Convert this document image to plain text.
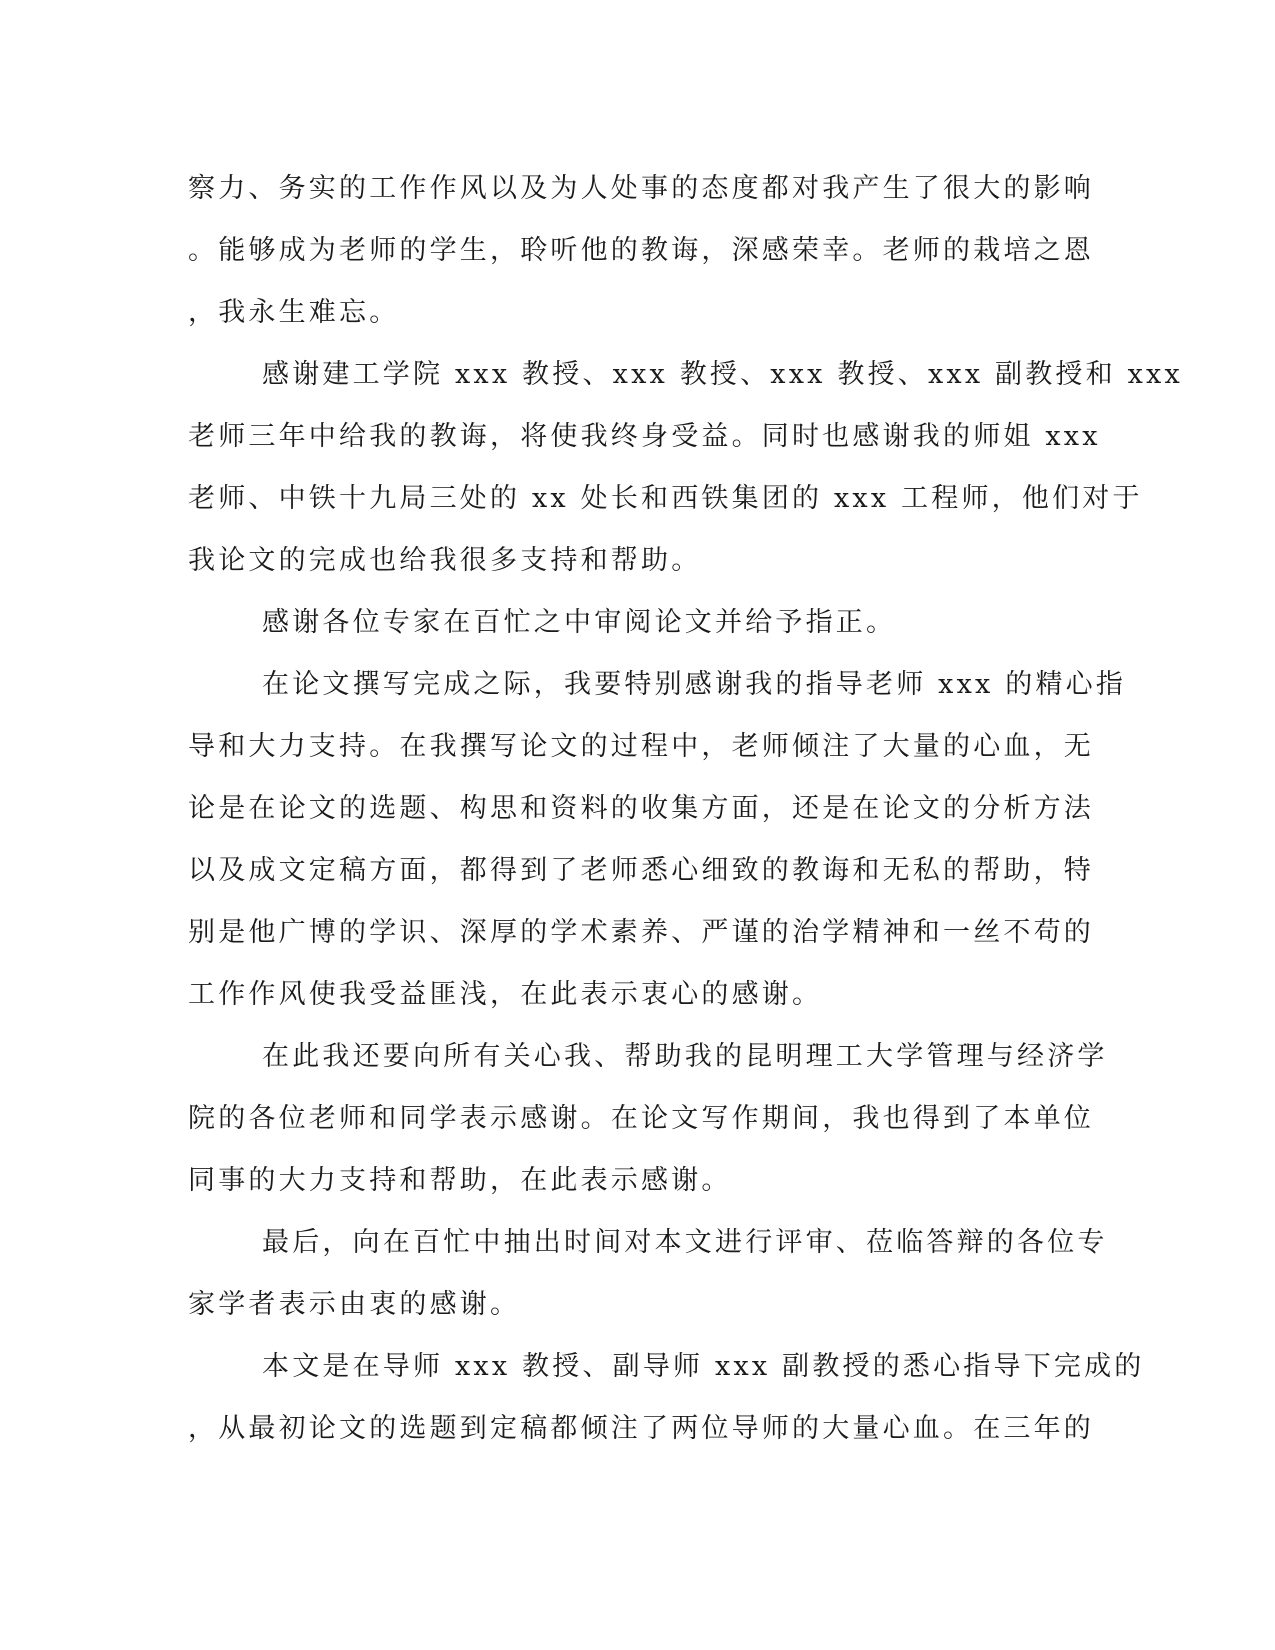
察力、务实的工作作风以及为人处事的态度都对我产生了很大的影响
。能够成为老师的学生，聆听他的教诲，深感荣幸。老师的栽培之恩
，我永生难忘。
感谢建工学院 xxx 教授、xxx 教授、xxx 教授、xxx 副教授和 xxx
老师三年中给我的教诲，将使我终身受益。同时也感谢我的师姐 xxx
老师、中铁十九局三处的 xx 处长和西铁集团的 xxx 工程师，他们对于
我论文的完成也给我很多支持和帮助。
感谢各位专家在百忙之中审阅论文并给予指正。
在论文撰写完成之际，我要特别感谢我的指导老师 xxx 的精心指
导和大力支持。在我撰写论文的过程中，老师倾注了大量的心血，无
论是在论文的选题、构思和资料的收集方面，还是在论文的分析方法
以及成文定稿方面，都得到了老师悉心细致的教诲和无私的帮助，特
别是他广博的学识、深厚的学术素养、严谨的治学精神和一丝不苟的
工作作风使我受益匪浅，在此表示衷心的感谢。
在此我还要向所有关心我、帮助我的昆明理工大学管理与经济学
院的各位老师和同学表示感谢。在论文写作期间，我也得到了本单位
同事的大力支持和帮助，在此表示感谢。
最后，向在百忙中抽出时间对本文进行评审、莅临答辩的各位专
家学者表示由衷的感谢。
本文是在导师 xxx 教授、副导师 xxx 副教授的悉心指导下完成的
，从最初论文的选题到定稿都倾注了两位导师的大量心血。在三年的
